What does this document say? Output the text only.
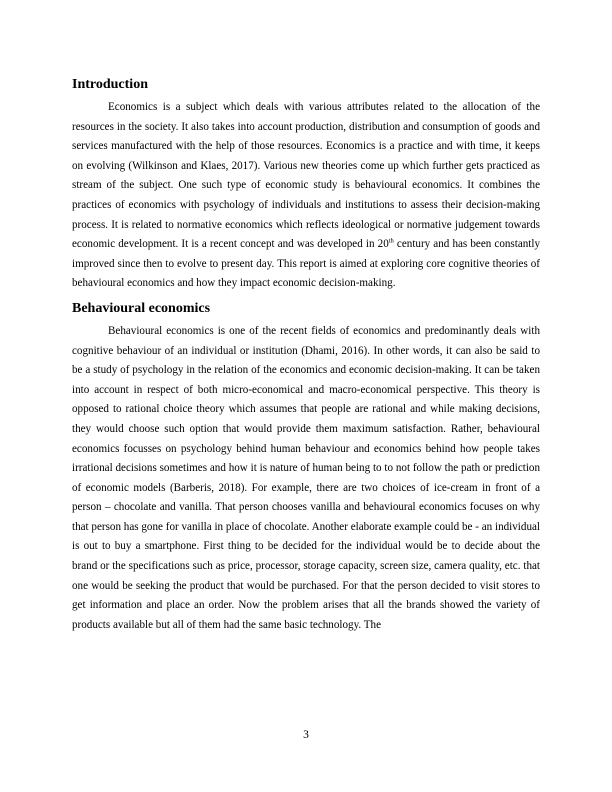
Introduction

Economics is a subject which deals with various attributes related to the allocation of the resources in the society. It also takes into account production, distribution and consumption of goods and services manufactured with the help of those resources. Economics is a practice and with time, it keeps on evolving (Wilkinson and Klaes, 2017). Various new theories come up which further gets practiced as stream of the subject. One such type of economic study is behavioural economics. It combines the practices of economics with psychology of individuals and institutions to assess their decision-making process. It is related to normative economics which reflects ideological or normative judgement towards economic development. It is a recent concept and was developed in 20th century and has been constantly improved since then to evolve to present day. This report is aimed at exploring core cognitive theories of behavioural economics and how they impact economic decision-making.

Behavioural economics

Behavioural economics is one of the recent fields of economics and predominantly deals with cognitive behaviour of an individual or institution (Dhami, 2016). In other words, it can also be said to be a study of psychology in the relation of the economics and economic decision-making. It can be taken into account in respect of both micro-economical and macro-economical perspective. This theory is opposed to rational choice theory which assumes that people are rational and while making decisions, they would choose such option that would provide them maximum satisfaction. Rather, behavioural economics focusses on psychology behind human behaviour and economics behind how people takes irrational decisions sometimes and how it is nature of human being to to not follow the path or prediction of economic models (Barberis, 2018). For example, there are two choices of ice-cream in front of a person – chocolate and vanilla. That person chooses vanilla and behavioural economics focuses on why that person has gone for vanilla in place of chocolate. Another elaborate example could be - an individual is out to buy a smartphone. First thing to be decided for the individual would be to decide about the brand or the specifications such as price, processor, storage capacity, screen size, camera quality, etc. that one would be seeking the product that would be purchased. For that the person decided to visit stores to get information and place an order. Now the problem arises that all the brands showed the variety of products available but all of them had the same basic technology. The

3
